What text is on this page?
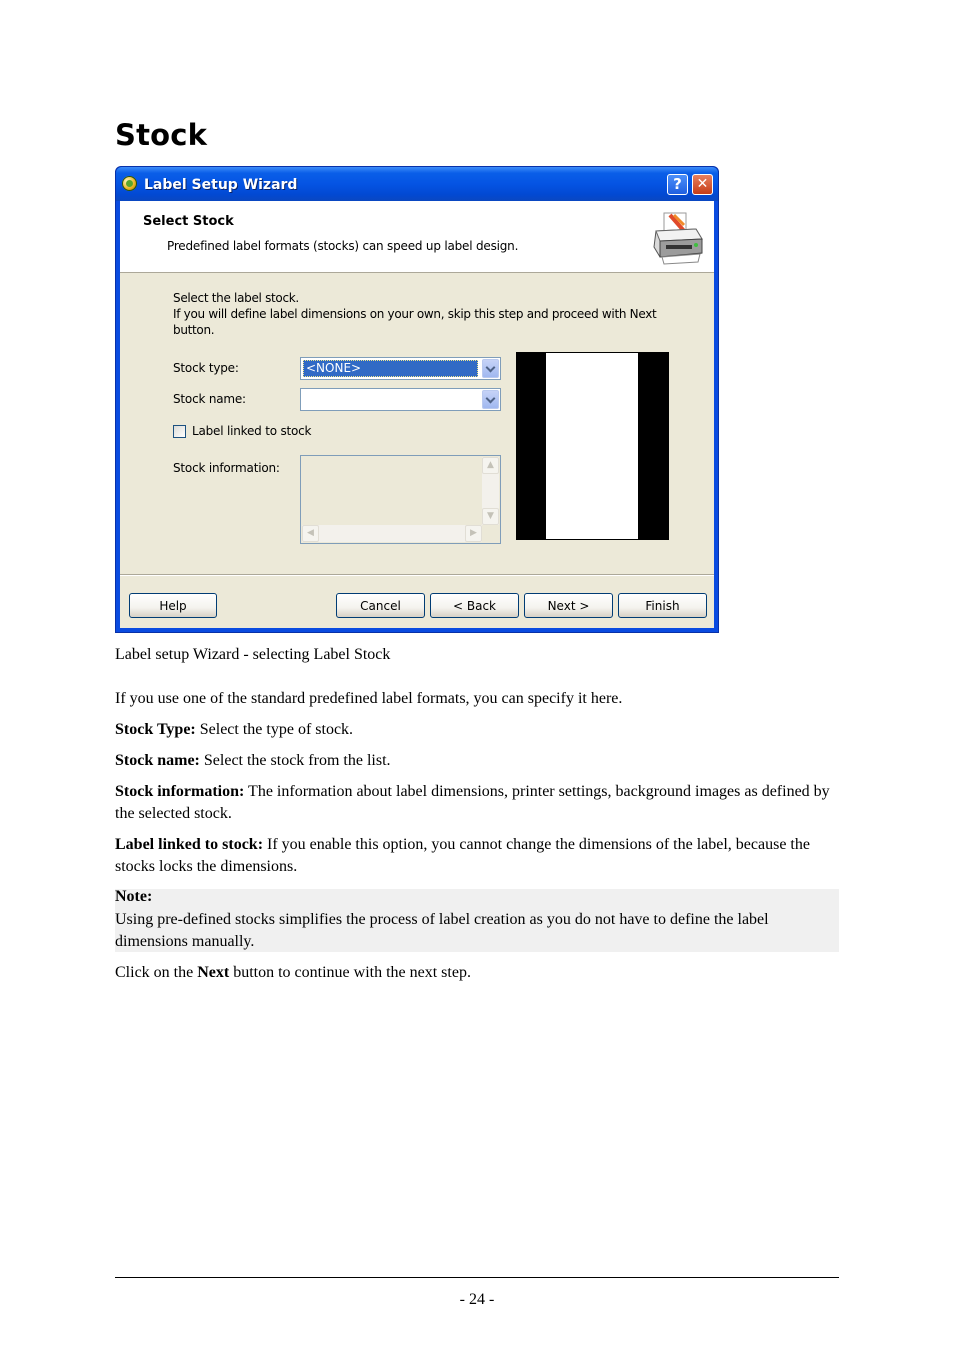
Stock
Label Setup Wizard	?	✕
Select Stock
Predefined label formats (stocks) can speed up label design.

Select the label stock.
If you will define label dimensions on your own, skip this step and proceed with Next button.

Stock type:	<NONE>
Stock name:
Label linked to stock
Stock information:	▲
▼
◀	▶
Help	Cancel	< Back	Next >	Finish

Label setup Wizard - selecting Label Stock

If you use one of the standard predefined label formats, you can specify it here.

Stock Type: Select the type of stock.

Stock name: Select the stock from the list.

Stock information: The information about label dimensions, printer settings, background images as defined by the selected stock.

Label linked to stock: If you enable this option, you cannot change the dimensions of the label, because the stocks locks the dimensions.

Note:
Using pre-defined stocks simplifies the process of label creation as you do not have to define the label dimensions manually.

Click on the Next button to continue with the next step.

- 24 -
